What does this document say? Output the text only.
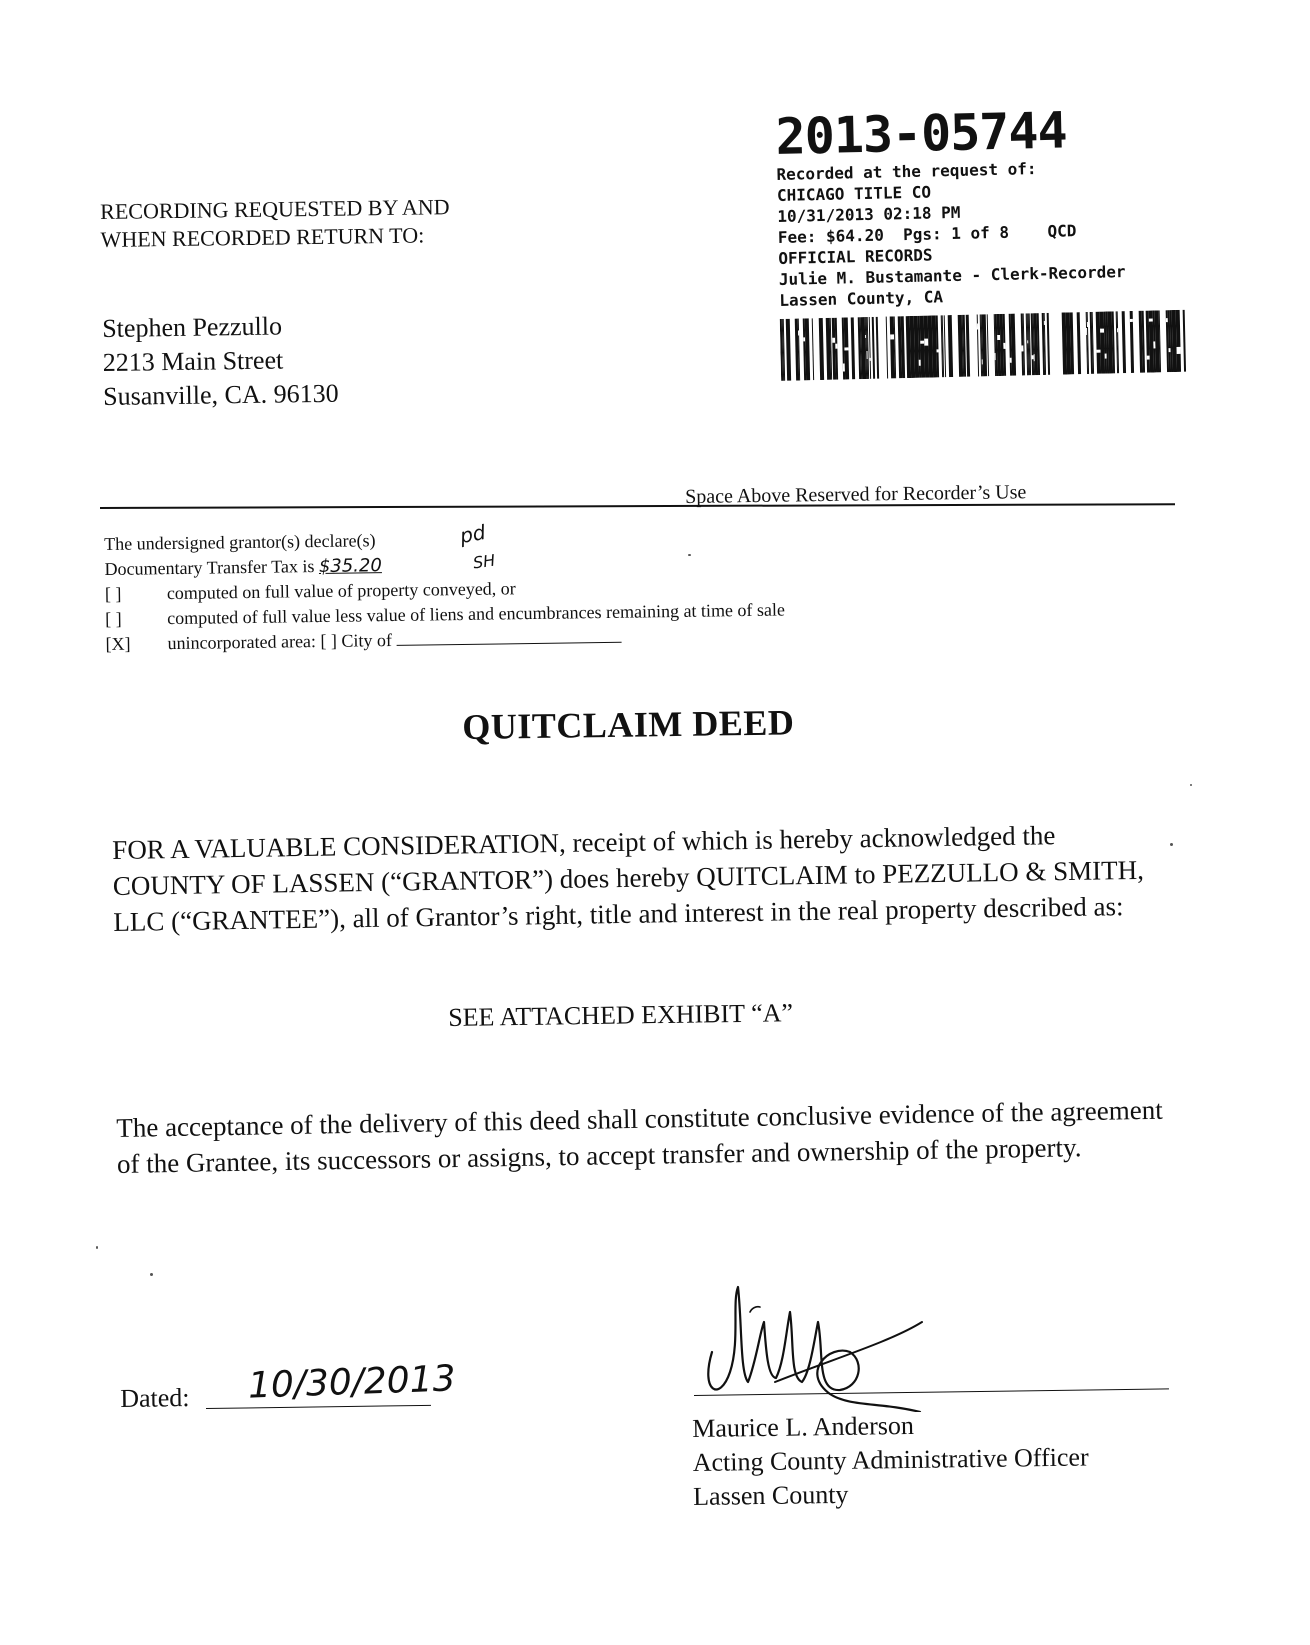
2013-05744
Recorded at the request of:
CHICAGO TITLE CO
10/31/2013 02:18 PM
Fee: $64.20  Pgs: 1 of 8    QCD
OFFICIAL RECORDS
Julie M. Bustamante - Clerk-Recorder
Lassen County, CA
RECORDING REQUESTED BY AND
WHEN RECORDED RETURN TO:
Stephen Pezzullo
2213 Main Street
Susanville, CA. 96130
Space Above Reserved for Recorder’s Use
The undersigned grantor(s) declare(s)
Documentary Transfer Tax is $35.20
[ ]	computed on full value of property conveyed, or
[ ]	computed of full value less value of liens and encumbrances remaining at time of sale
[X] unincorporated area: [ ] City of
pd
SH
QUITCLAIM DEED
FOR A VALUABLE CONSIDERATION, receipt of which is hereby acknowledged the COUNTY OF LASSEN (“GRANTOR”) does hereby QUITCLAIM to PEZZULLO & SMITH, LLC (“GRANTEE”), all of Grantor’s right, title and interest in the real property described as:
SEE ATTACHED EXHIBIT “A”
The acceptance of the delivery of this deed shall constitute conclusive evidence of the agreement of the Grantee, its successors or assigns, to accept transfer and ownership of the property.
Dated: 10/30/2013
Maurice L. Anderson
Acting County Administrative Officer
Lassen County
